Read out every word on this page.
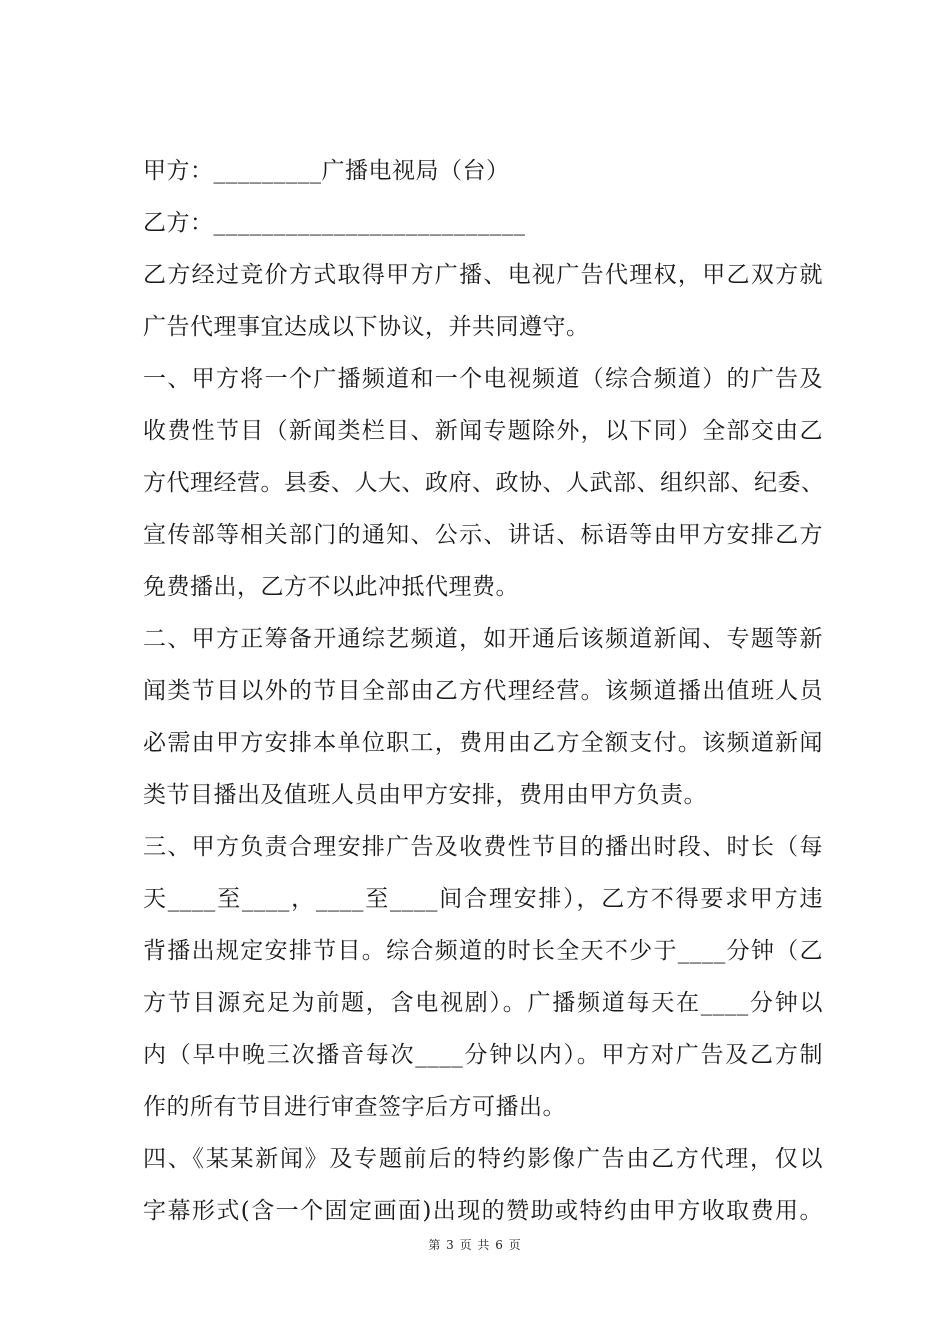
甲方：_________广播电视局（台）
乙方：__________________________
乙方经过竞价方式取得甲方广播、电视广告代理权，甲乙双方就
广告代理事宜达成以下协议，并共同遵守。
一、甲方将一个广播频道和一个电视频道（综合频道）的广告及
收费性节目（新闻类栏目、新闻专题除外，以下同）全部交由乙
方代理经营。县委、人大、政府、政协、人武部、组织部、纪委、
宣传部等相关部门的通知、公示、讲话、标语等由甲方安排乙方
免费播出，乙方不以此冲抵代理费。
二、甲方正筹备开通综艺频道，如开通后该频道新闻、专题等新
闻类节目以外的节目全部由乙方代理经营。该频道播出值班人员
必需由甲方安排本单位职工，费用由乙方全额支付。该频道新闻
类节目播出及值班人员由甲方安排，费用由甲方负责。
三、甲方负责合理安排广告及收费性节目的播出时段、时长（每
天____至____，____至____间合理安排），乙方不得要求甲方违
背播出规定安排节目。综合频道的时长全天不少于____分钟（乙
方节目源充足为前题，含电视剧）。广播频道每天在____分钟以
内（早中晚三次播音每次____分钟以内）。甲方对广告及乙方制
作的所有节目进行审查签字后方可播出。
四、《某某新闻》及专题前后的特约影像广告由乙方代理，仅以
字幕形式(含一个固定画面)出现的赞助或特约由甲方收取费用。
第 3 页 共 6 页
